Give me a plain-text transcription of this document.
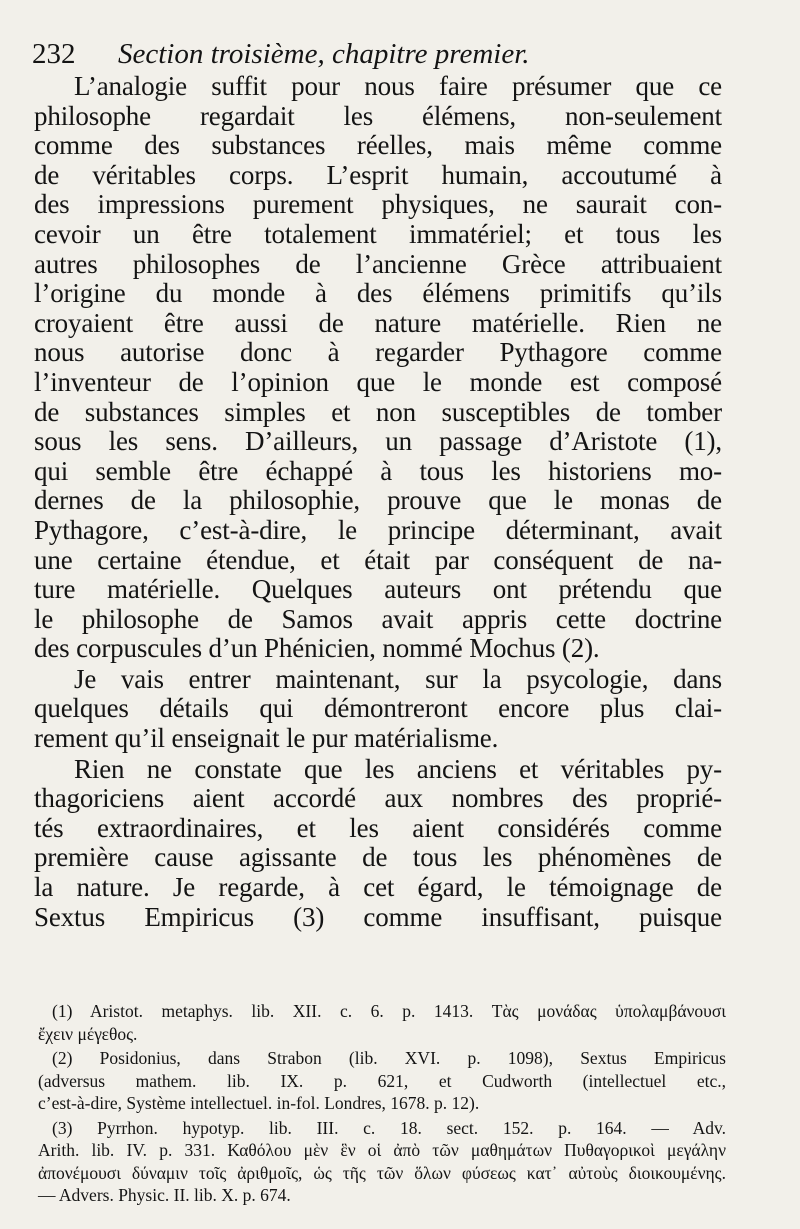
232 Section troisième, chapitre premier.
L’analogie suffit pour nous faire présumer que ce
philosophe regardait les élémens, non-seulement
comme des substances réelles, mais même comme
de véritables corps. L’esprit humain, accoutumé à
des impressions purement physiques, ne saurait con-
cevoir un être totalement immatériel; et tous les
autres philosophes de l’ancienne Grèce attribuaient
l’origine du monde à des élémens primitifs qu’ils
croyaient être aussi de nature matérielle. Rien ne
nous autorise donc à regarder Pythagore comme
l’inventeur de l’opinion que le monde est composé
de substances simples et non susceptibles de tomber
sous les sens. D’ailleurs, un passage d’Aristote (1),
qui semble être échappé à tous les historiens mo-
dernes de la philosophie, prouve que le monas de
Pythagore, c’est-à-dire, le principe déterminant, avait
une certaine étendue, et était par conséquent de na-
ture matérielle. Quelques auteurs ont prétendu que
le philosophe de Samos avait appris cette doctrine
des corpuscules d’un Phénicien, nommé Mochus (2).
Je vais entrer maintenant, sur la psycologie, dans
quelques détails qui démontreront encore plus clai-
rement qu’il enseignait le pur matérialisme.
Rien ne constate que les anciens et véritables py-
thagoriciens aient accordé aux nombres des proprié-
tés extraordinaires, et les aient considérés comme
première cause agissante de tous les phénomènes de
la nature. Je regarde, à cet égard, le témoignage de
Sextus Empiricus (3) comme insuffisant, puisque
(1) Aristot. metaphys. lib. XII. c. 6. p. 1413. Τὰς μονάδας ὑπολαμβάνουσι
ἔχειν μέγεθος.
(2) Posidonius, dans Strabon (lib. XVI. p. 1098), Sextus Empiricus
(adversus mathem. lib. IX. p. 621, et Cudworth (intellectuel etc.,
c’est-à-dire, Système intellectuel. in-fol. Londres, 1678. p. 12).
(3) Pyrrhon. hypotyp. lib. III. c. 18. sect. 152. p. 164. — Adv.
Arith. lib. IV. p. 331. Καθόλου μὲν ἓν οἱ ἀπὸ τῶν μαθημάτων Πυθαγορικοὶ μεγάλην
ἀπονέμουσι δύναμιν τοῖς ἀριθμοῖς, ὡς τῆς τῶν ὅλων φύσεως κατ᾽ αὐτοὺς διοικουμένης.
— Advers. Physic. II. lib. X. p. 674.
